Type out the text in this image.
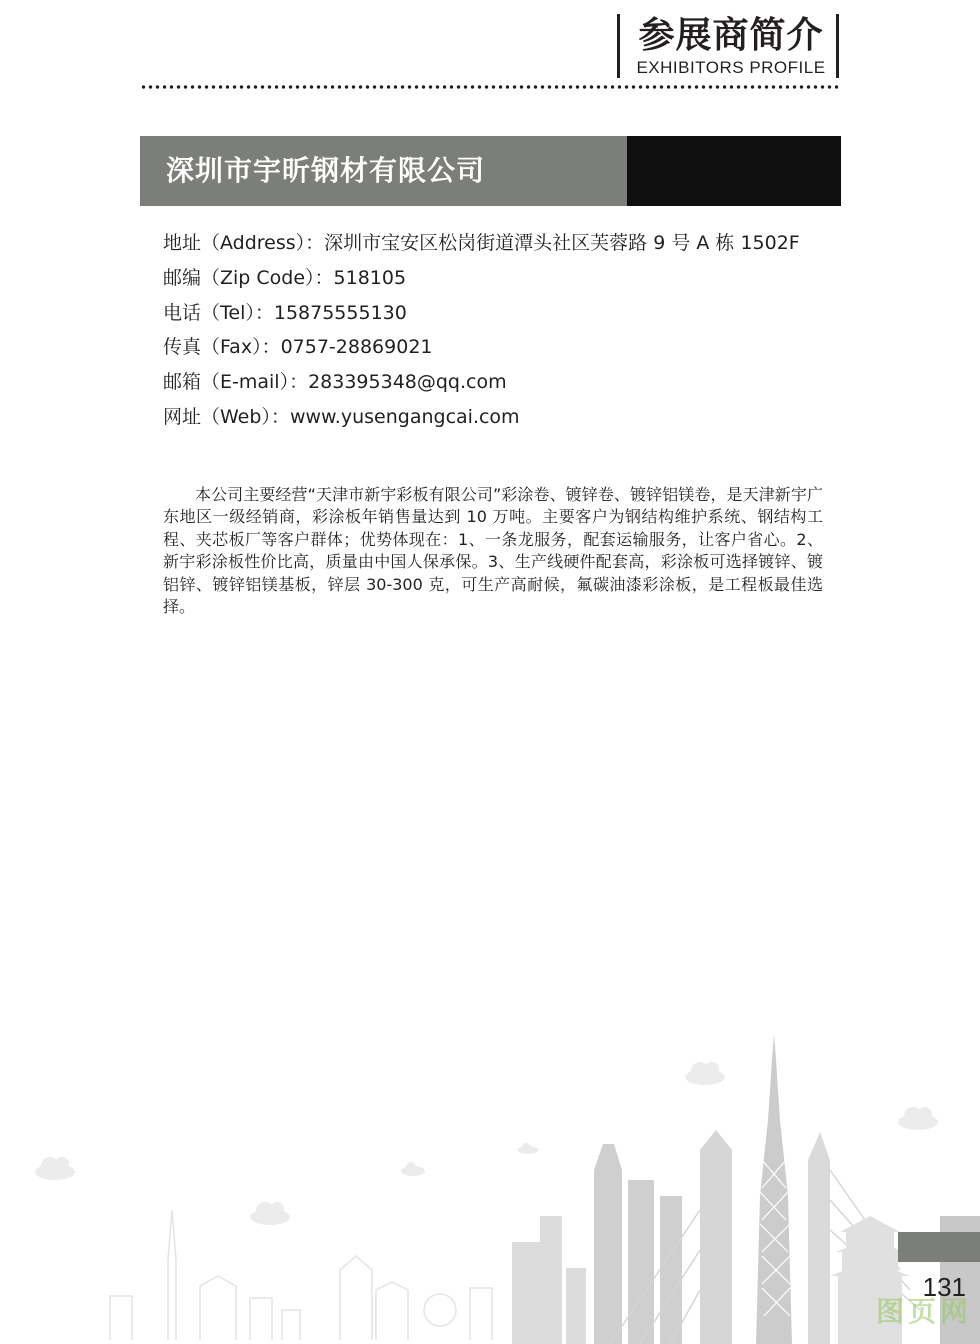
参展商简介
EXHIBITORS PROFILE
深圳市宇昕钢材有限公司
地址（Address）：深圳市宝安区松岗街道潭头社区芙蓉路 9 号 A 栋 1502F
邮编（Zip Code）：518105
电话（Tel）：15875555130
传真（Fax）：0757-28869021
邮箱（E-mail）：283395348@qq.com
网址（Web）：www.yusengangcai.com
本公司主要经营“天津市新宇彩板有限公司”彩涂卷、镀锌卷、镀锌铝镁卷，是天津新宇广东地区一级经销商，彩涂板年销售量达到 10 万吨。主要客户为钢结构维护系统、钢结构工程、夹芯板厂等客户群体；优势体现在：1、一条龙服务，配套运输服务，让客户省心。2、新宇彩涂板性价比高，质量由中国人保承保。3、生产线硬件配套高，彩涂板可选择镀锌、镀铝锌、镀锌铝镁基板，锌层 30-300 克，可生产高耐候，氟碳油漆彩涂板，是工程板最佳选择。
131
图页网
